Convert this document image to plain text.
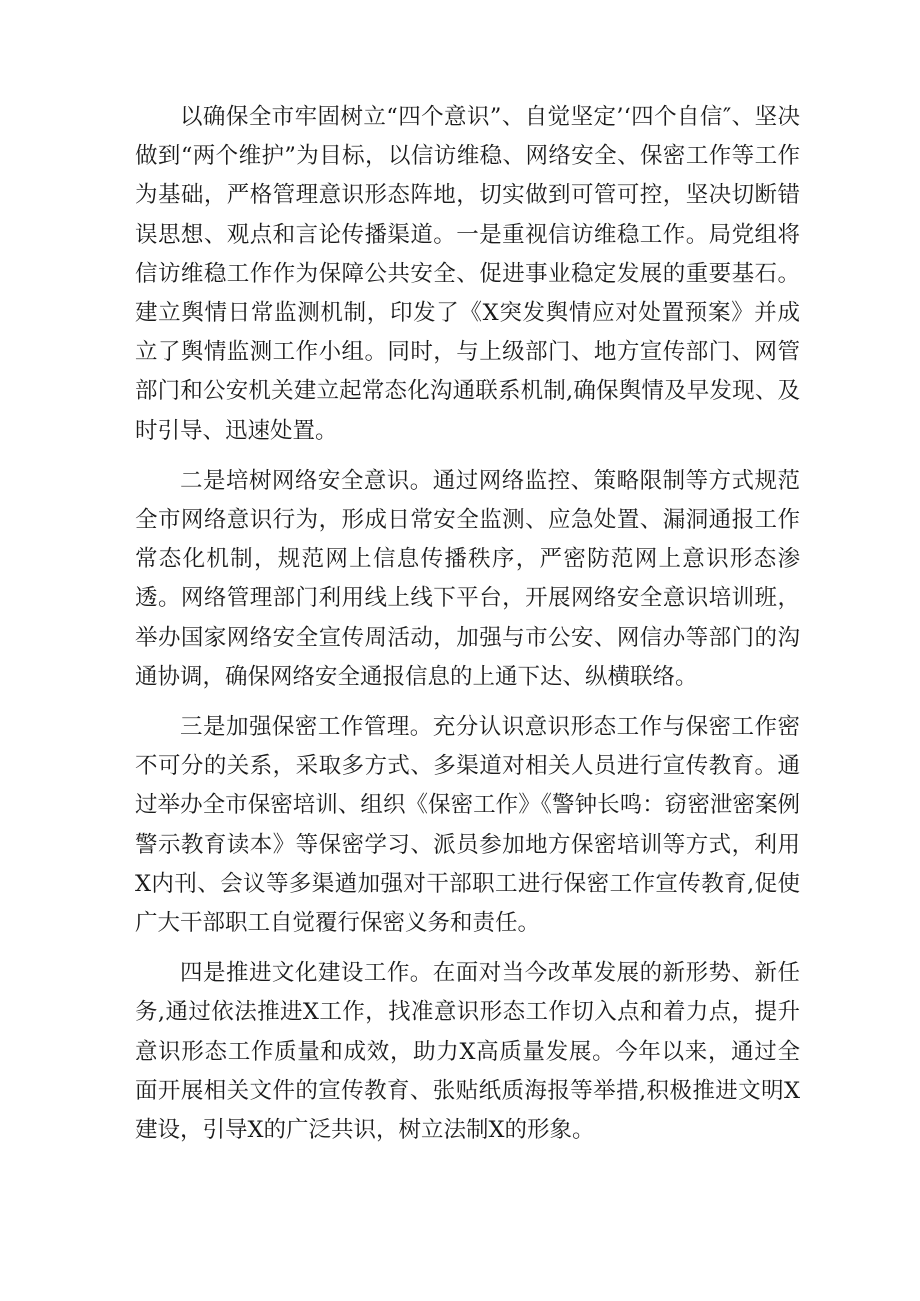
以确保全市牢固树立“四个意识”、自觉坚定’‘四个自信″、坚决做到“两个维护”为目标，以信访维稳、网络安全、保密工作等工作为基础，严格管理意识形态阵地，切实做到可管可控，坚决切断错误思想、观点和言论传播渠道。一是重视信访维稳工作。局党组将信访维稳工作作为保障公共安全、促进事业稳定发展的重要基石。建立舆情日常监测机制，印发了《X突发舆情应对处置预案》并成立了舆情监测工作小组。同时，与上级部门、地方宣传部门、网管部门和公安机关建立起常态化沟通联系机制,确保舆情及早发现、及时引导、迅速处置。

二是培树网络安全意识。通过网络监控、策略限制等方式规范全市网络意识行为，形成日常安全监测、应急处置、漏洞通报工作常态化机制，规范网上信息传播秩序，严密防范网上意识形态渗透。网络管理部门利用线上线下平台，开展网络安全意识培训班，举办国家网络安全宣传周活动，加强与市公安、网信办等部门的沟通协调，确保网络安全通报信息的上通下达、纵横联络。

三是加强保密工作管理。充分认识意识形态工作与保密工作密不可分的关系，采取多方式、多渠道对相关人员进行宣传教育。通过举办全市保密培训、组织《保密工作》《警钟长鸣：窃密泄密案例警示教育读本》等保密学习、派员参加地方保密培训等方式，利用X内刊、会议等多渠遒加强对干部职工进行保密工作宣传教育,促使广大干部职工自觉覆行保密义务和责任。

四是推进文化建设工作。在面对当今改革发展的新形势、新任务,通过依法推进X工作，找准意识形态工作切入点和着力点，提升意识形态工作质量和成效，助力X高质量发展。今年以来，通过全面开展相关文件的宣传教育、张贴纸质海报等举措,积极推进文明X建设，引导X的广泛共识，树立法制X的形象。
